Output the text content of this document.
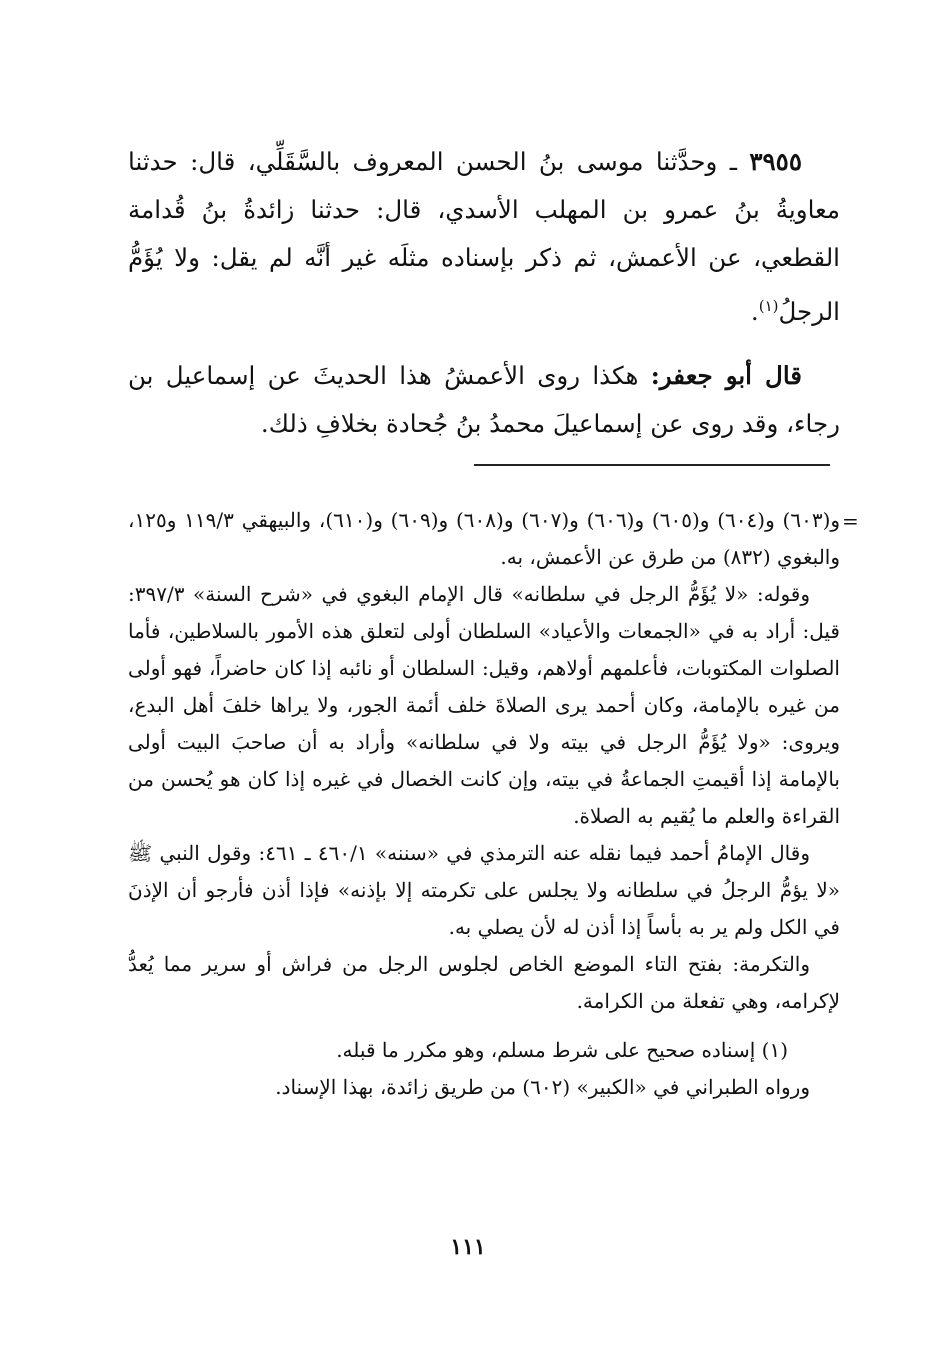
٣٩٥٥ ـ وحدَّثنا موسى بنُ الحسن المعروف بالسَّقَلِّي، قال: حدثنا معاويةُ بنُ عمرو بن المهلب الأسدي، قال: حدثنا زائدةُ بنُ قُدامة القطعي، عن الأعمش، ثم ذكر بإسناده مثلَه غير أنَّه لم يقل: ولا يُؤَمُّ الرجلُ$^{(١)}$.

قال أبو جعفر: هكذا روى الأعمشُ هذا الحديثَ عن إسماعيل بن رجاء، وقد روى عن إسماعيلَ محمدُ بنُ جُحادة بخلافِ ذلك.

=

و(٦٠٣) و(٦٠٤) و(٦٠٥) و(٦٠٦) و(٦٠٧) و(٦٠٨) و(٦٠٩) و(٦١٠)، والبيهقي ١١٩/٣ و١٢٥، والبغوي (٨٣٢) من طرق عن الأعمش، به.

وقوله: «لا يُؤَمُّ الرجل في سلطانه» قال الإمام البغوي في «شرح السنة» ٣٩٧/٣: قيل: أراد به في «الجمعات والأعياد» السلطان أولى لتعلق هذه الأمور بالسلاطين، فأما الصلوات المكتوبات، فأعلمهم أولاهم، وقيل: السلطان أو نائبه إذا كان حاضراً، فهو أولى من غيره بالإمامة، وكان أحمد يرى الصلاةَ خلف أئمة الجور، ولا يراها خلفَ أهل البدع، ويروى: «ولا يُؤَمُّ الرجل في بيته ولا في سلطانه» وأراد به أن صاحبَ البيت أولى بالإمامة إذا أقيمتِ الجماعةُ في بيته، وإن كانت الخصال في غيره إذا كان هو يُحسن من القراءة والعلم ما يُقيم به الصلاة.

وقال الإمامُ أحمد فيما نقله عنه الترمذي في «سننه» ٤٦٠/١ ـ ٤٦١: وقول النبي ﷺ «لا يؤمُّ الرجلُ في سلطانه ولا يجلس على تكرمته إلا بإذنه» فإذا أذن فأرجو أن الإذنَ في الكل ولم ير به بأساً إذا أذن له لأن يصلي به.

والتكرمة: بفتح التاء الموضع الخاص لجلوس الرجل من فراش أو سرير مما يُعدُّ لإكرامه، وهي تفعلة من الكرامة.

(١) إسناده صحيح على شرط مسلم، وهو مكرر ما قبله.

ورواه الطبراني في «الكبير» (٦٠٢) من طريق زائدة، بهذا الإسناد.

١١١
